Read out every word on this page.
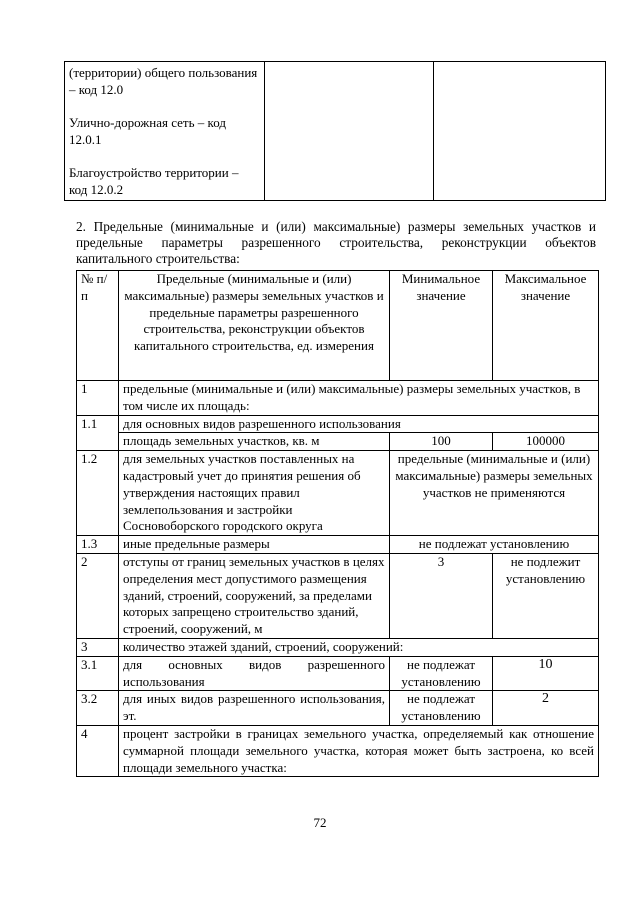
(территории) общего пользования – код 12.0

Улично-дорожная сеть – код 12.0.1

Благоустройство территории – код 12.0.2

2. Предельные (минимальные и (или) максимальные) размеры земельных участков и предельные параметры разрешенного строительства, реконструкции объектов капитального строительства:
№ п/п	Предельные (минимальные и (или) максимальные) размеры земельных участков и предельные параметры разрешенного строительства, реконструкции объектов капитального строительства, ед. измерения	Минимальное значение	Максимальное значение
1	предельные (минимальные и (или) максимальные) размеры земельных участков, в том числе их площадь:		
1.1	для основных видов разрешенного использования		
	площадь земельных участков, кв. м	100	100000
1.2	для земельных участков поставленных на кадастровый учет до принятия решения об утверждения настоящих правил землепользования и застройки Сосновоборского городского округа	предельные (минимальные и (или) максимальные) размеры земельных участков не применяются	
1.3	иные предельные размеры	не подлежат установлению	
2	отступы от границ земельных участков в целях определения мест допустимого размещения зданий, строений, сооружений, за пределами которых запрещено строительство зданий, строений, сооружений, м	3	не подлежит установлению
3	количество этажей зданий, строений, сооружений:		
3.1	для основных видов разрешенного использования	не подлежат установлению	10
3.2	для иных видов разрешенного использования, эт.	не подлежат установлению	2
4	процент застройки в границах земельного участка, определяемый как отношение суммарной площади земельного участка, которая может быть застроена, ко всей площади земельного участка:		
72
